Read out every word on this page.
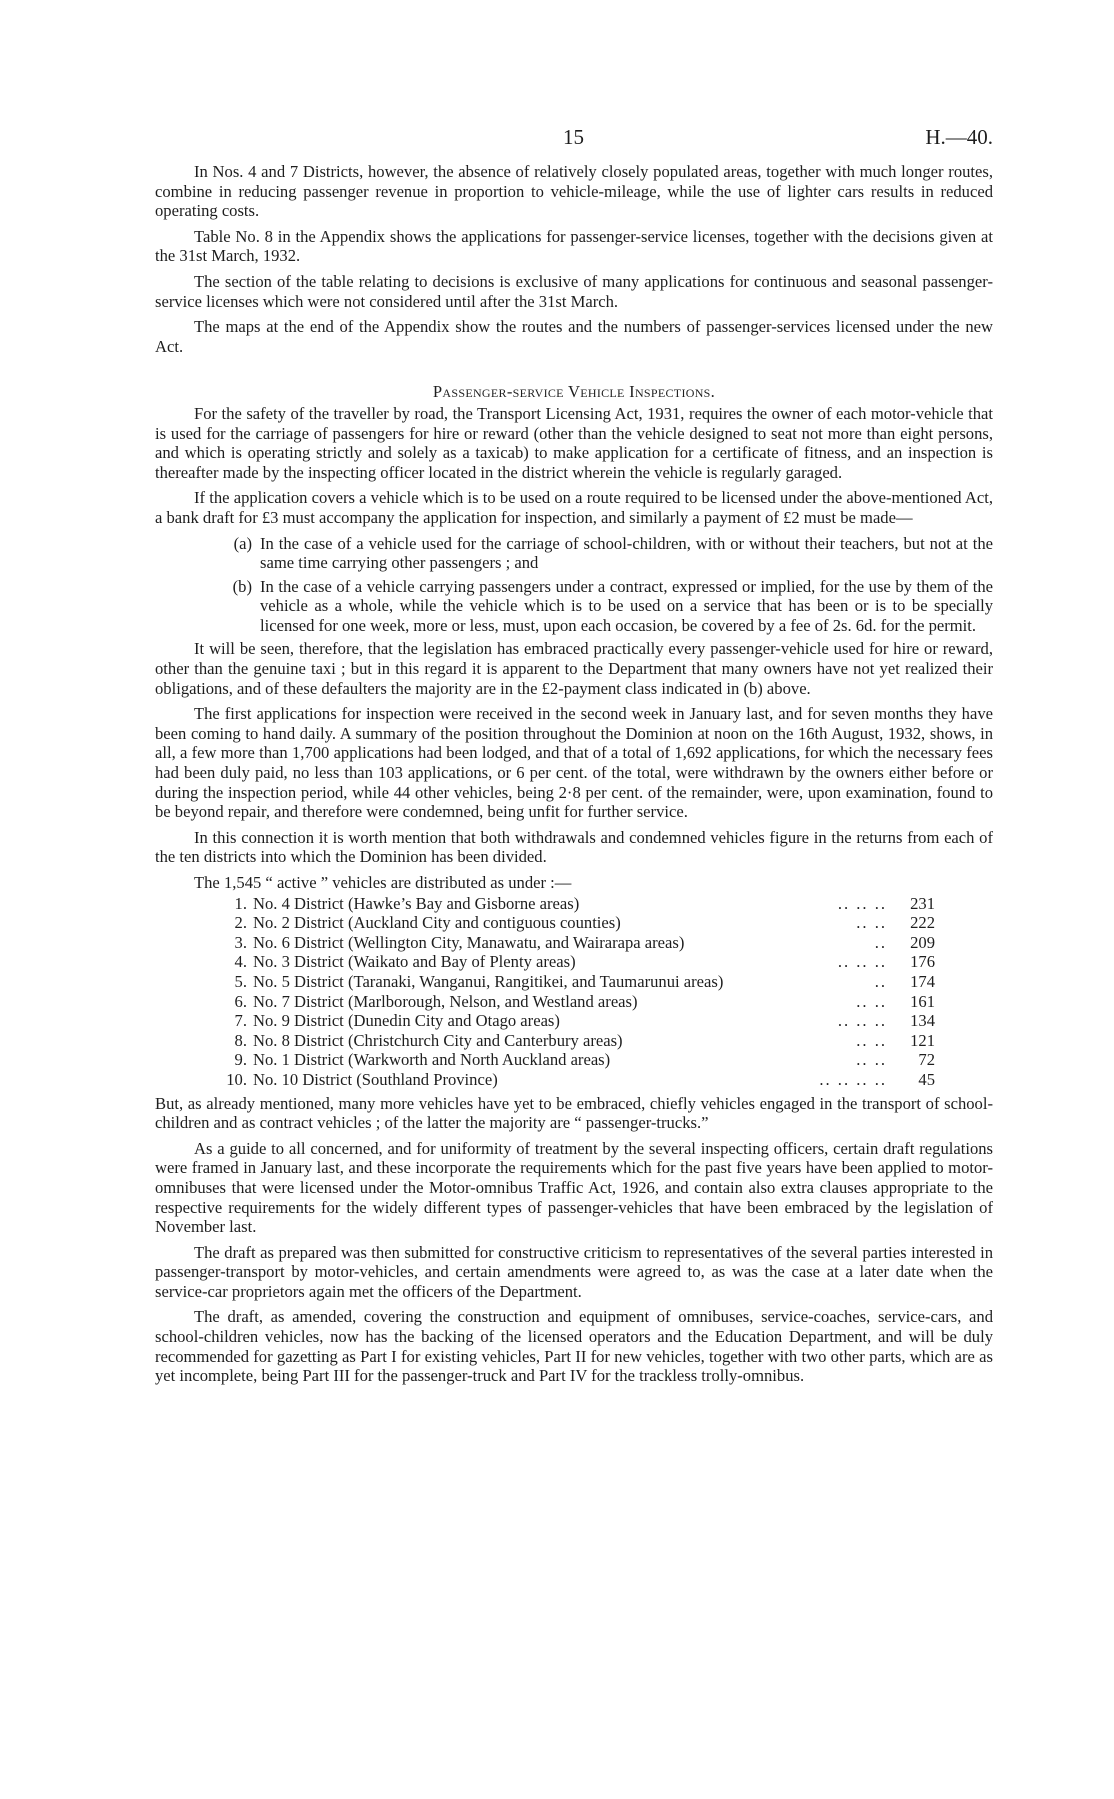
15	H.—40.

In Nos. 4 and 7 Districts, however, the absence of relatively closely populated areas, together with much longer routes, combine in reducing passenger revenue in proportion to vehicle-mileage, while the use of lighter cars results in reduced operating costs.

Table No. 8 in the Appendix shows the applications for passenger-service licenses, together with the decisions given at the 31st March, 1932.

The section of the table relating to decisions is exclusive of many applications for continuous and seasonal passenger-service licenses which were not considered until after the 31st March.

The maps at the end of the Appendix show the routes and the numbers of passenger-services licensed under the new Act.

Passenger-service Vehicle Inspections.

For the safety of the traveller by road, the Transport Licensing Act, 1931, requires the owner of each motor-vehicle that is used for the carriage of passengers for hire or reward (other than the vehicle designed to seat not more than eight persons, and which is operating strictly and solely as a taxicab) to make application for a certificate of fitness, and an inspection is thereafter made by the inspecting officer located in the district wherein the vehicle is regularly garaged.

If the application covers a vehicle which is to be used on a route required to be licensed under the above-mentioned Act, a bank draft for £3 must accompany the application for inspection, and similarly a payment of £2 must be made—

(a) In the case of a vehicle used for the carriage of school-children, with or without their teachers, but not at the same time carrying other passengers ; and
(b) In the case of a vehicle carrying passengers under a contract, expressed or implied, for the use by them of the vehicle as a whole, while the vehicle which is to be used on a service that has been or is to be specially licensed for one week, more or less, must, upon each occasion, be covered by a fee of 2s. 6d. for the permit.

It will be seen, therefore, that the legislation has embraced practically every passenger-vehicle used for hire or reward, other than the genuine taxi ; but in this regard it is apparent to the Department that many owners have not yet realized their obligations, and of these defaulters the majority are in the £2-payment class indicated in (b) above.

The first applications for inspection were received in the second week in January last, and for seven months they have been coming to hand daily. A summary of the position throughout the Dominion at noon on the 16th August, 1932, shows, in all, a few more than 1,700 applications had been lodged, and that of a total of 1,692 applications, for which the necessary fees had been duly paid, no less than 103 applications, or 6 per cent. of the total, were withdrawn by the owners either before or during the inspection period, while 44 other vehicles, being 2·8 per cent. of the remainder, were, upon examination, found to be beyond repair, and therefore were condemned, being unfit for further service.

In this connection it is worth mention that both withdrawals and condemned vehicles figure in the returns from each of the ten districts into which the Dominion has been divided.

The 1,545 “ active ” vehicles are distributed as under :—

1. No. 4 District (Hawke’s Bay and Gisborne areas)	.. .. ..	231
2. No. 2 District (Auckland City and contiguous counties)	.. ..	222
3. No. 6 District (Wellington City, Manawatu, and Wairarapa areas)	..	209
4. No. 3 District (Waikato and Bay of Plenty areas)	.. .. ..	176
5. No. 5 District (Taranaki, Wanganui, Rangitikei, and Taumarunui areas)	..	174
6. No. 7 District (Marlborough, Nelson, and Westland areas)	.. ..	161
7. No. 9 District (Dunedin City and Otago areas)	.. .. ..	134
8. No. 8 District (Christchurch City and Canterbury areas)	.. ..	121
9. No. 1 District (Warkworth and North Auckland areas)	.. ..	72
10. No. 10 District (Southland Province)	.. .. .. ..	45

But, as already mentioned, many more vehicles have yet to be embraced, chiefly vehicles engaged in the transport of school-children and as contract vehicles ; of the latter the majority are “ passenger-trucks.”

As a guide to all concerned, and for uniformity of treatment by the several inspecting officers, certain draft regulations were framed in January last, and these incorporate the requirements which for the past five years have been applied to motor-omnibuses that were licensed under the Motor-omnibus Traffic Act, 1926, and contain also extra clauses appropriate to the respective requirements for the widely different types of passenger-vehicles that have been embraced by the legislation of November last.

The draft as prepared was then submitted for constructive criticism to representatives of the several parties interested in passenger-transport by motor-vehicles, and certain amendments were agreed to, as was the case at a later date when the service-car proprietors again met the officers of the Department.

The draft, as amended, covering the construction and equipment of omnibuses, service-coaches, service-cars, and school-children vehicles, now has the backing of the licensed operators and the Education Department, and will be duly recommended for gazetting as Part I for existing vehicles, Part II for new vehicles, together with two other parts, which are as yet incomplete, being Part III for the passenger-truck and Part IV for the trackless trolly-omnibus.
